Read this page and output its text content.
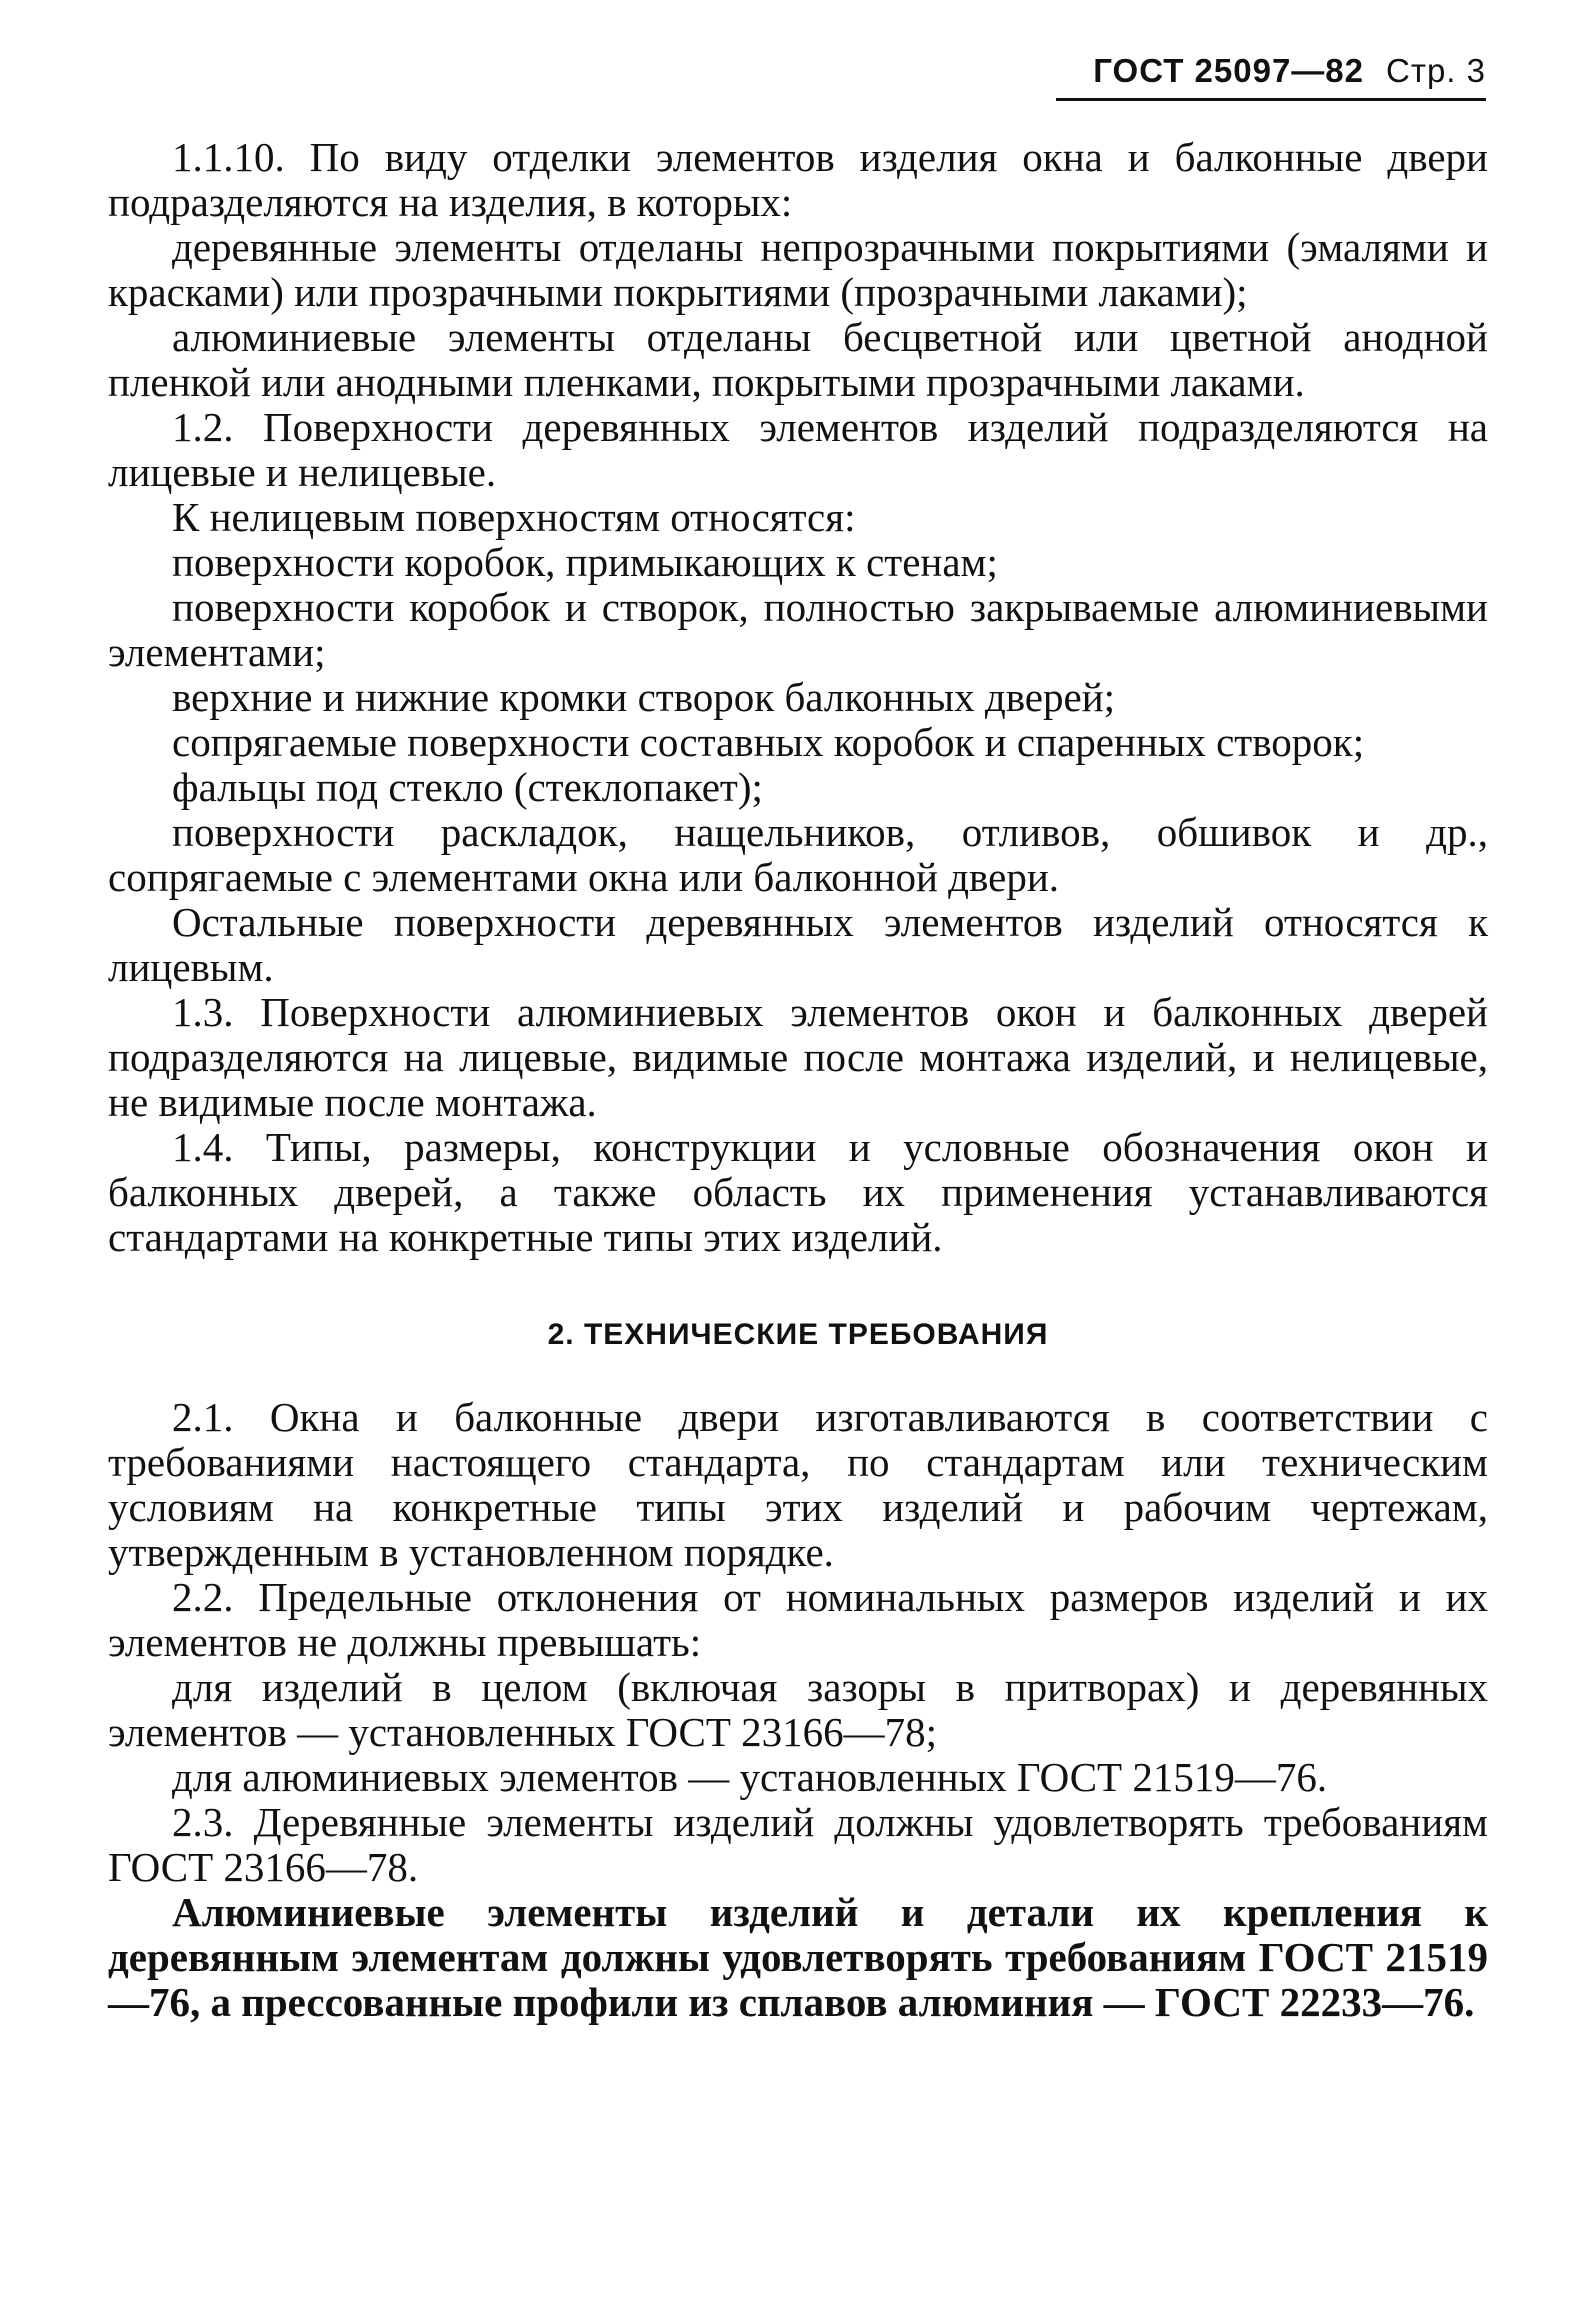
ГОСТ 25097—82 Стр. 3

1.1.10. По виду отделки элементов изделия окна и балконные двери подразделяются на изделия, в которых:

деревянные элементы отделаны непрозрачными покрытиями (эмалями и красками) или прозрачными покрытиями (прозрачными лаками);

алюминиевые элементы отделаны бесцветной или цветной анодной пленкой или анодными пленками, покрытыми прозрачными лаками.

1.2. Поверхности деревянных элементов изделий подразделяются на лицевые и нелицевые.

К нелицевым поверхностям относятся:

поверхности коробок, примыкающих к стенам;

поверхности коробок и створок, полностью закрываемые алюминиевыми элементами;

верхние и нижние кромки створок балконных дверей;

сопрягаемые поверхности составных коробок и спаренных створок;

фальцы под стекло (стеклопакет);

поверхности раскладок, нащельников, отливов, обшивок и др., сопрягаемые с элементами окна или балконной двери.

Остальные поверхности деревянных элементов изделий относятся к лицевым.

1.3. Поверхности алюминиевых элементов окон и балконных дверей подразделяются на лицевые, видимые после монтажа изделий, и нелицевые, не видимые после монтажа.

1.4. Типы, размеры, конструкции и условные обозначения окон и балконных дверей, а также область их применения устанавливаются стандартами на конкретные типы этих изделий.

2. ТЕХНИЧЕСКИЕ ТРЕБОВАНИЯ

2.1. Окна и балконные двери изготавливаются в соответствии с требованиями настоящего стандарта, по стандартам или техническим условиям на конкретные типы этих изделий и рабочим чертежам, утвержденным в установленном порядке.

2.2. Предельные отклонения от номинальных размеров изделий и их элементов не должны превышать:

для изделий в целом (включая зазоры в притворах) и деревянных элементов — установленных ГОСТ 23166—78;

для алюминиевых элементов — установленных ГОСТ 21519—76.

2.3. Деревянные элементы изделий должны удовлетворять требованиям ГОСТ 23166—78.

Алюминиевые элементы изделий и детали их крепления к деревянным элементам должны удовлетворять требованиям ГОСТ 21519—76, а прессованные профили из сплавов алюминия — ГОСТ 22233—76.
